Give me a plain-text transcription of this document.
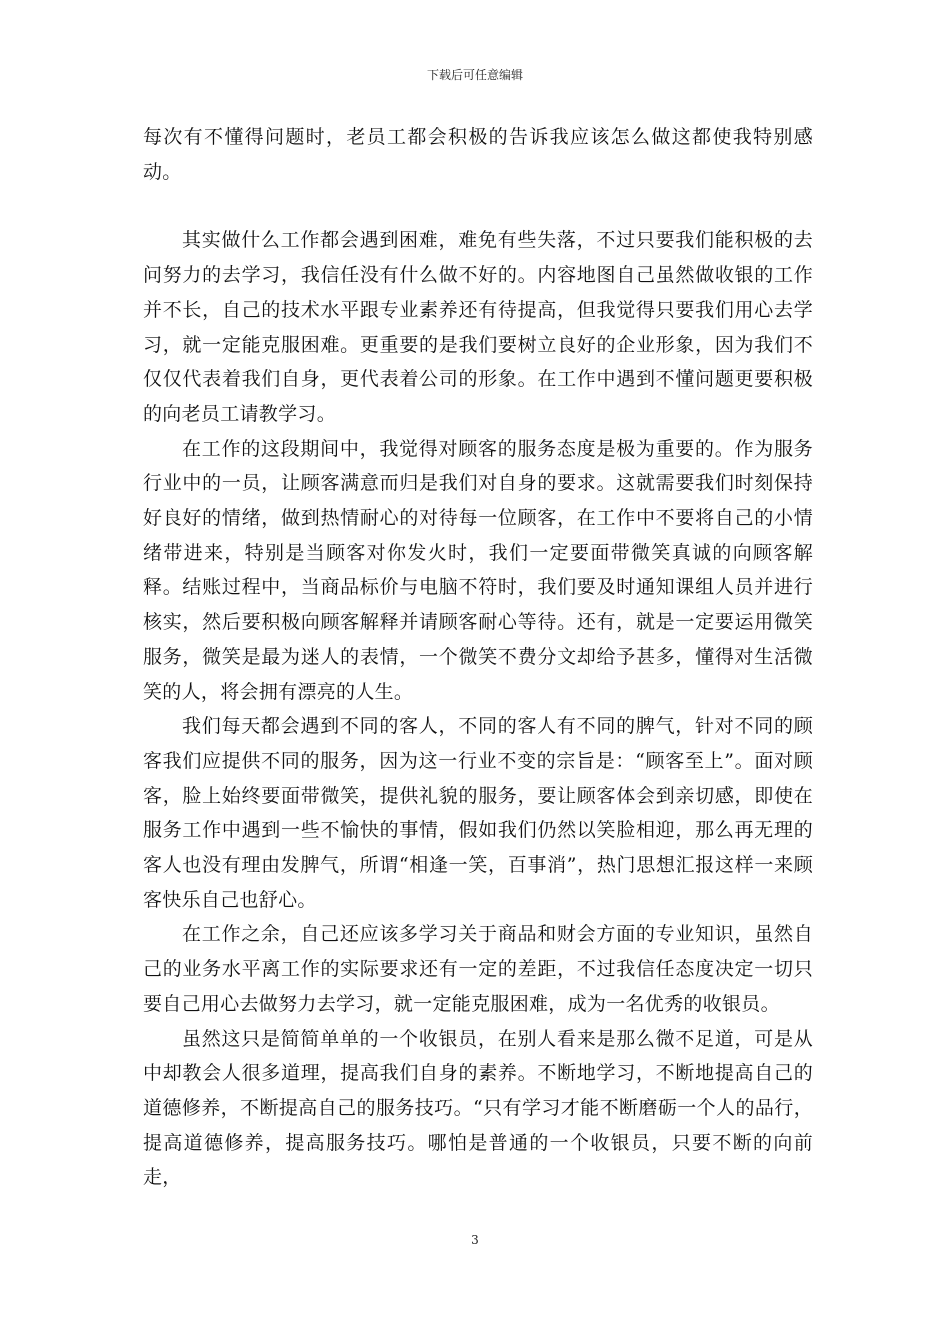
下载后可任意编辑

每次有不懂得问题时，老员工都会积极的告诉我应该怎么做这都使我特别感动。

其实做什么工作都会遇到困难，难免有些失落，不过只要我们能积极的去问努力的去学习，我信任没有什么做不好的。内容地图自己虽然做收银的工作并不长，自己的技术水平跟专业素养还有待提高，但我觉得只要我们用心去学习，就一定能克服困难。更重要的是我们要树立良好的企业形象，因为我们不仅仅代表着我们自身，更代表着公司的形象。在工作中遇到不懂问题更要积极的向老员工请教学习。

在工作的这段期间中，我觉得对顾客的服务态度是极为重要的。作为服务行业中的一员，让顾客满意而归是我们对自身的要求。这就需要我们时刻保持好良好的情绪，做到热情耐心的对待每一位顾客，在工作中不要将自己的小情绪带进来，特别是当顾客对你发火时，我们一定要面带微笑真诚的向顾客解释。结账过程中，当商品标价与电脑不符时，我们要及时通知课组人员并进行核实，然后要积极向顾客解释并请顾客耐心等待。还有，就是一定要运用微笑服务，微笑是最为迷人的表情，一个微笑不费分文却给予甚多，懂得对生活微笑的人，将会拥有漂亮的人生。

我们每天都会遇到不同的客人，不同的客人有不同的脾气，针对不同的顾客我们应提供不同的服务，因为这一行业不变的宗旨是：“顾客至上”。面对顾客，脸上始终要面带微笑，提供礼貌的服务，要让顾客体会到亲切感，即使在服务工作中遇到一些不愉快的事情，假如我们仍然以笑脸相迎，那么再无理的客人也没有理由发脾气，所谓“相逢一笑，百事消”，热门思想汇报这样一来顾客快乐自己也舒心。

在工作之余，自己还应该多学习关于商品和财会方面的专业知识，虽然自己的业务水平离工作的实际要求还有一定的差距，不过我信任态度决定一切只要自己用心去做努力去学习，就一定能克服困难，成为一名优秀的收银员。

虽然这只是简简单单的一个收银员，在别人看来是那么微不足道，可是从中却教会人很多道理，提高我们自身的素养。不断地学习，不断地提高自己的道德修养，不断提高自己的服务技巧。“只有学习才能不断磨砺一个人的品行，提高道德修养，提高服务技巧。哪怕是普通的一个收银员，只要不断的向前走，

3
